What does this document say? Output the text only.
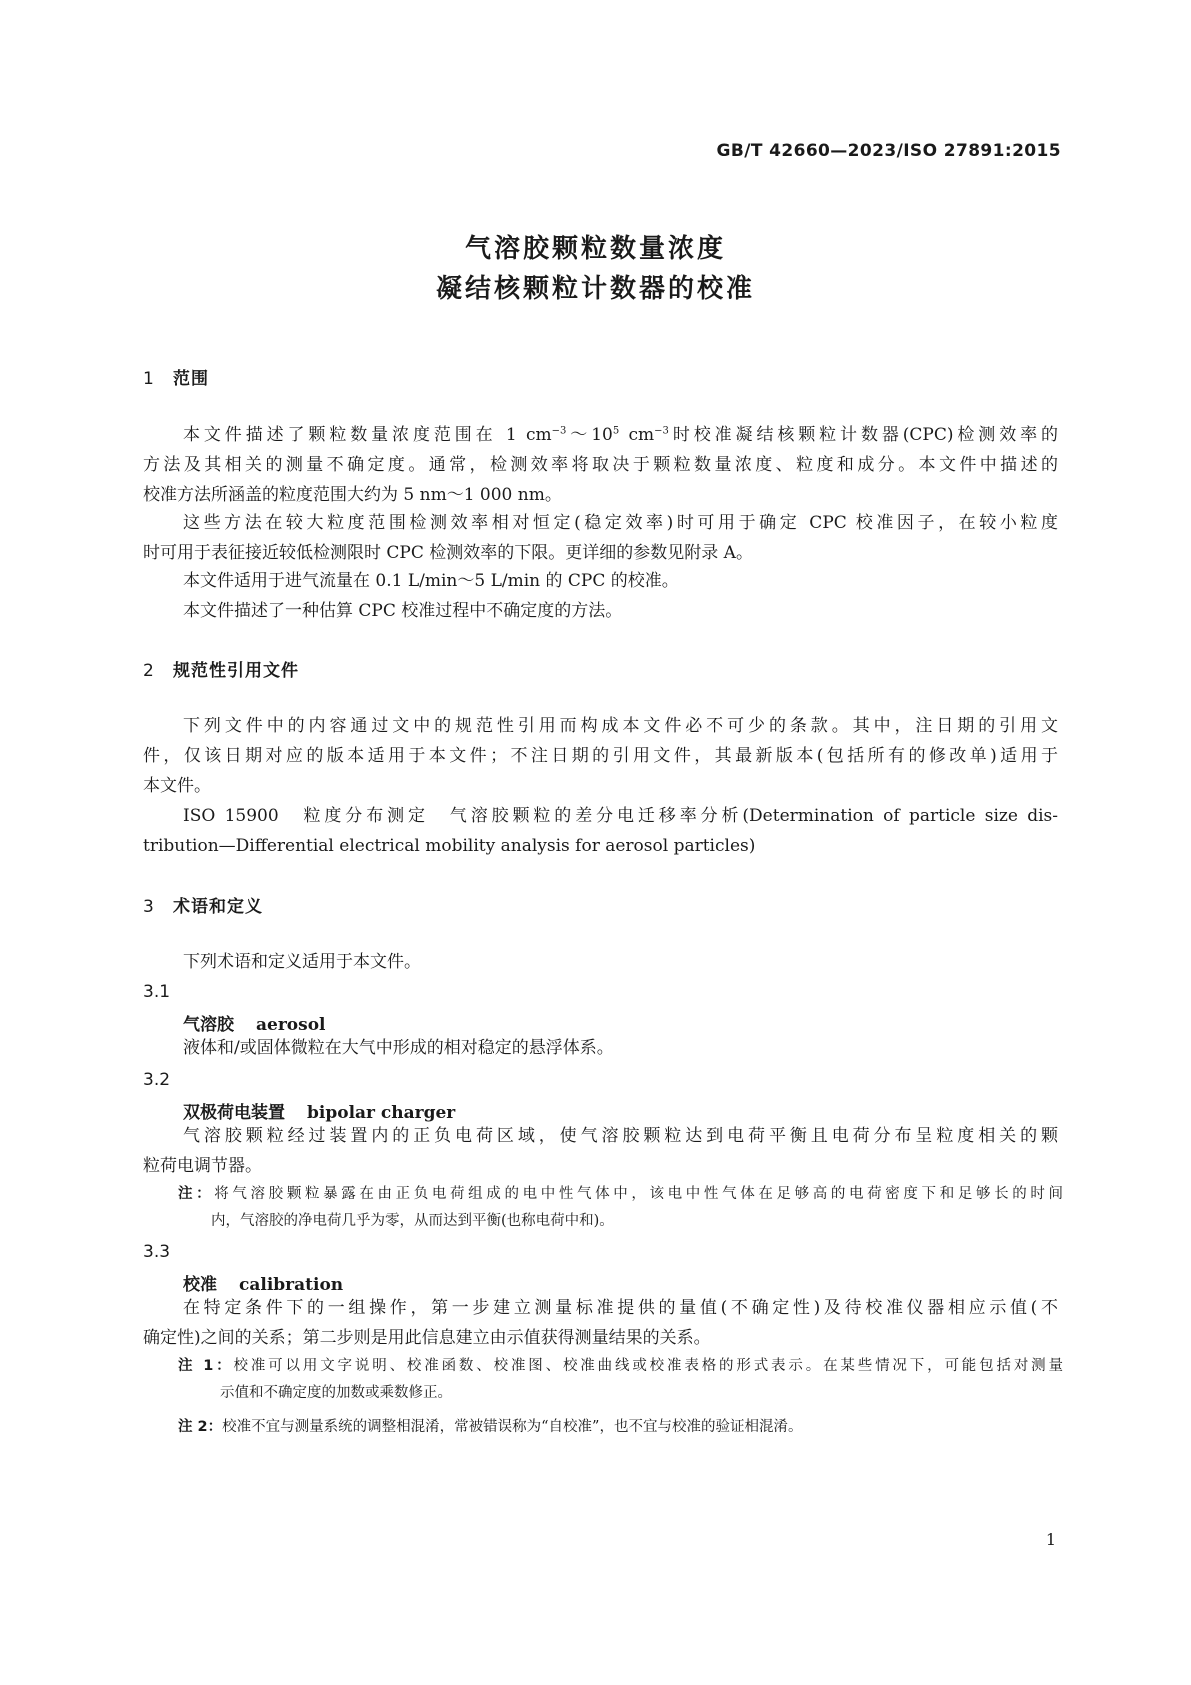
GB/T 42660—2023/ISO 27891:2015
气溶胶颗粒数量浓度
凝结核颗粒计数器的校准
1 范围
本文件描述了颗粒数量浓度范围在 1 $cm^{-3}\sim 10^5$ $cm^{-3}$时校准凝结核颗粒计数器(CPC)检测效率的
方法及其相关的测量不确定度。通常，检测效率将取决于颗粒数量浓度、粒度和成分。本文件中描述的
校准方法所涵盖的粒度范围大约为 5 nm～1 000 nm。
这些方法在较大粒度范围检测效率相对恒定(稳定效率)时可用于确定 CPC 校准因子，在较小粒度
时可用于表征接近较低检测限时 CPC 检测效率的下限。更详细的参数见附录 A。
本文件适用于进气流量在 0.1 L/min～5 L/min 的 CPC 的校准。
本文件描述了一种估算 CPC 校准过程中不确定度的方法。
2 规范性引用文件
下列文件中的内容通过文中的规范性引用而构成本文件必不可少的条款。其中，注日期的引用文
件，仅该日期对应的版本适用于本文件；不注日期的引用文件，其最新版本(包括所有的修改单)适用于
本文件。
ISO 15900　粒度分布测定　气溶胶颗粒的差分电迁移率分析(Determination of particle size dis-
tribution—Differential electrical mobility analysis for aerosol particles)
3 术语和定义
下列术语和定义适用于本文件。
3.1
气溶胶 aerosol
液体和/或固体微粒在大气中形成的相对稳定的悬浮体系。
3.2
双极荷电装置 bipolar charger
气溶胶颗粒经过装置内的正负电荷区域，使气溶胶颗粒达到电荷平衡且电荷分布呈粒度相关的颗
粒荷电调节器。
注：将气溶胶颗粒暴露在由正负电荷组成的电中性气体中，该电中性气体在足够高的电荷密度下和足够长的时间
内，气溶胶的净电荷几乎为零，从而达到平衡(也称电荷中和)。
3.3
校准 calibration
在特定条件下的一组操作，第一步建立测量标准提供的量值(不确定性)及待校准仪器相应示值(不
确定性)之间的关系；第二步则是用此信息建立由示值获得测量结果的关系。
注 1：校准可以用文字说明、校准函数、校准图、校准曲线或校准表格的形式表示。在某些情况下，可能包括对测量
示值和不确定度的加数或乘数修正。
注 2：校准不宜与测量系统的调整相混淆，常被错误称为“自校准”，也不宜与校准的验证相混淆。
1
